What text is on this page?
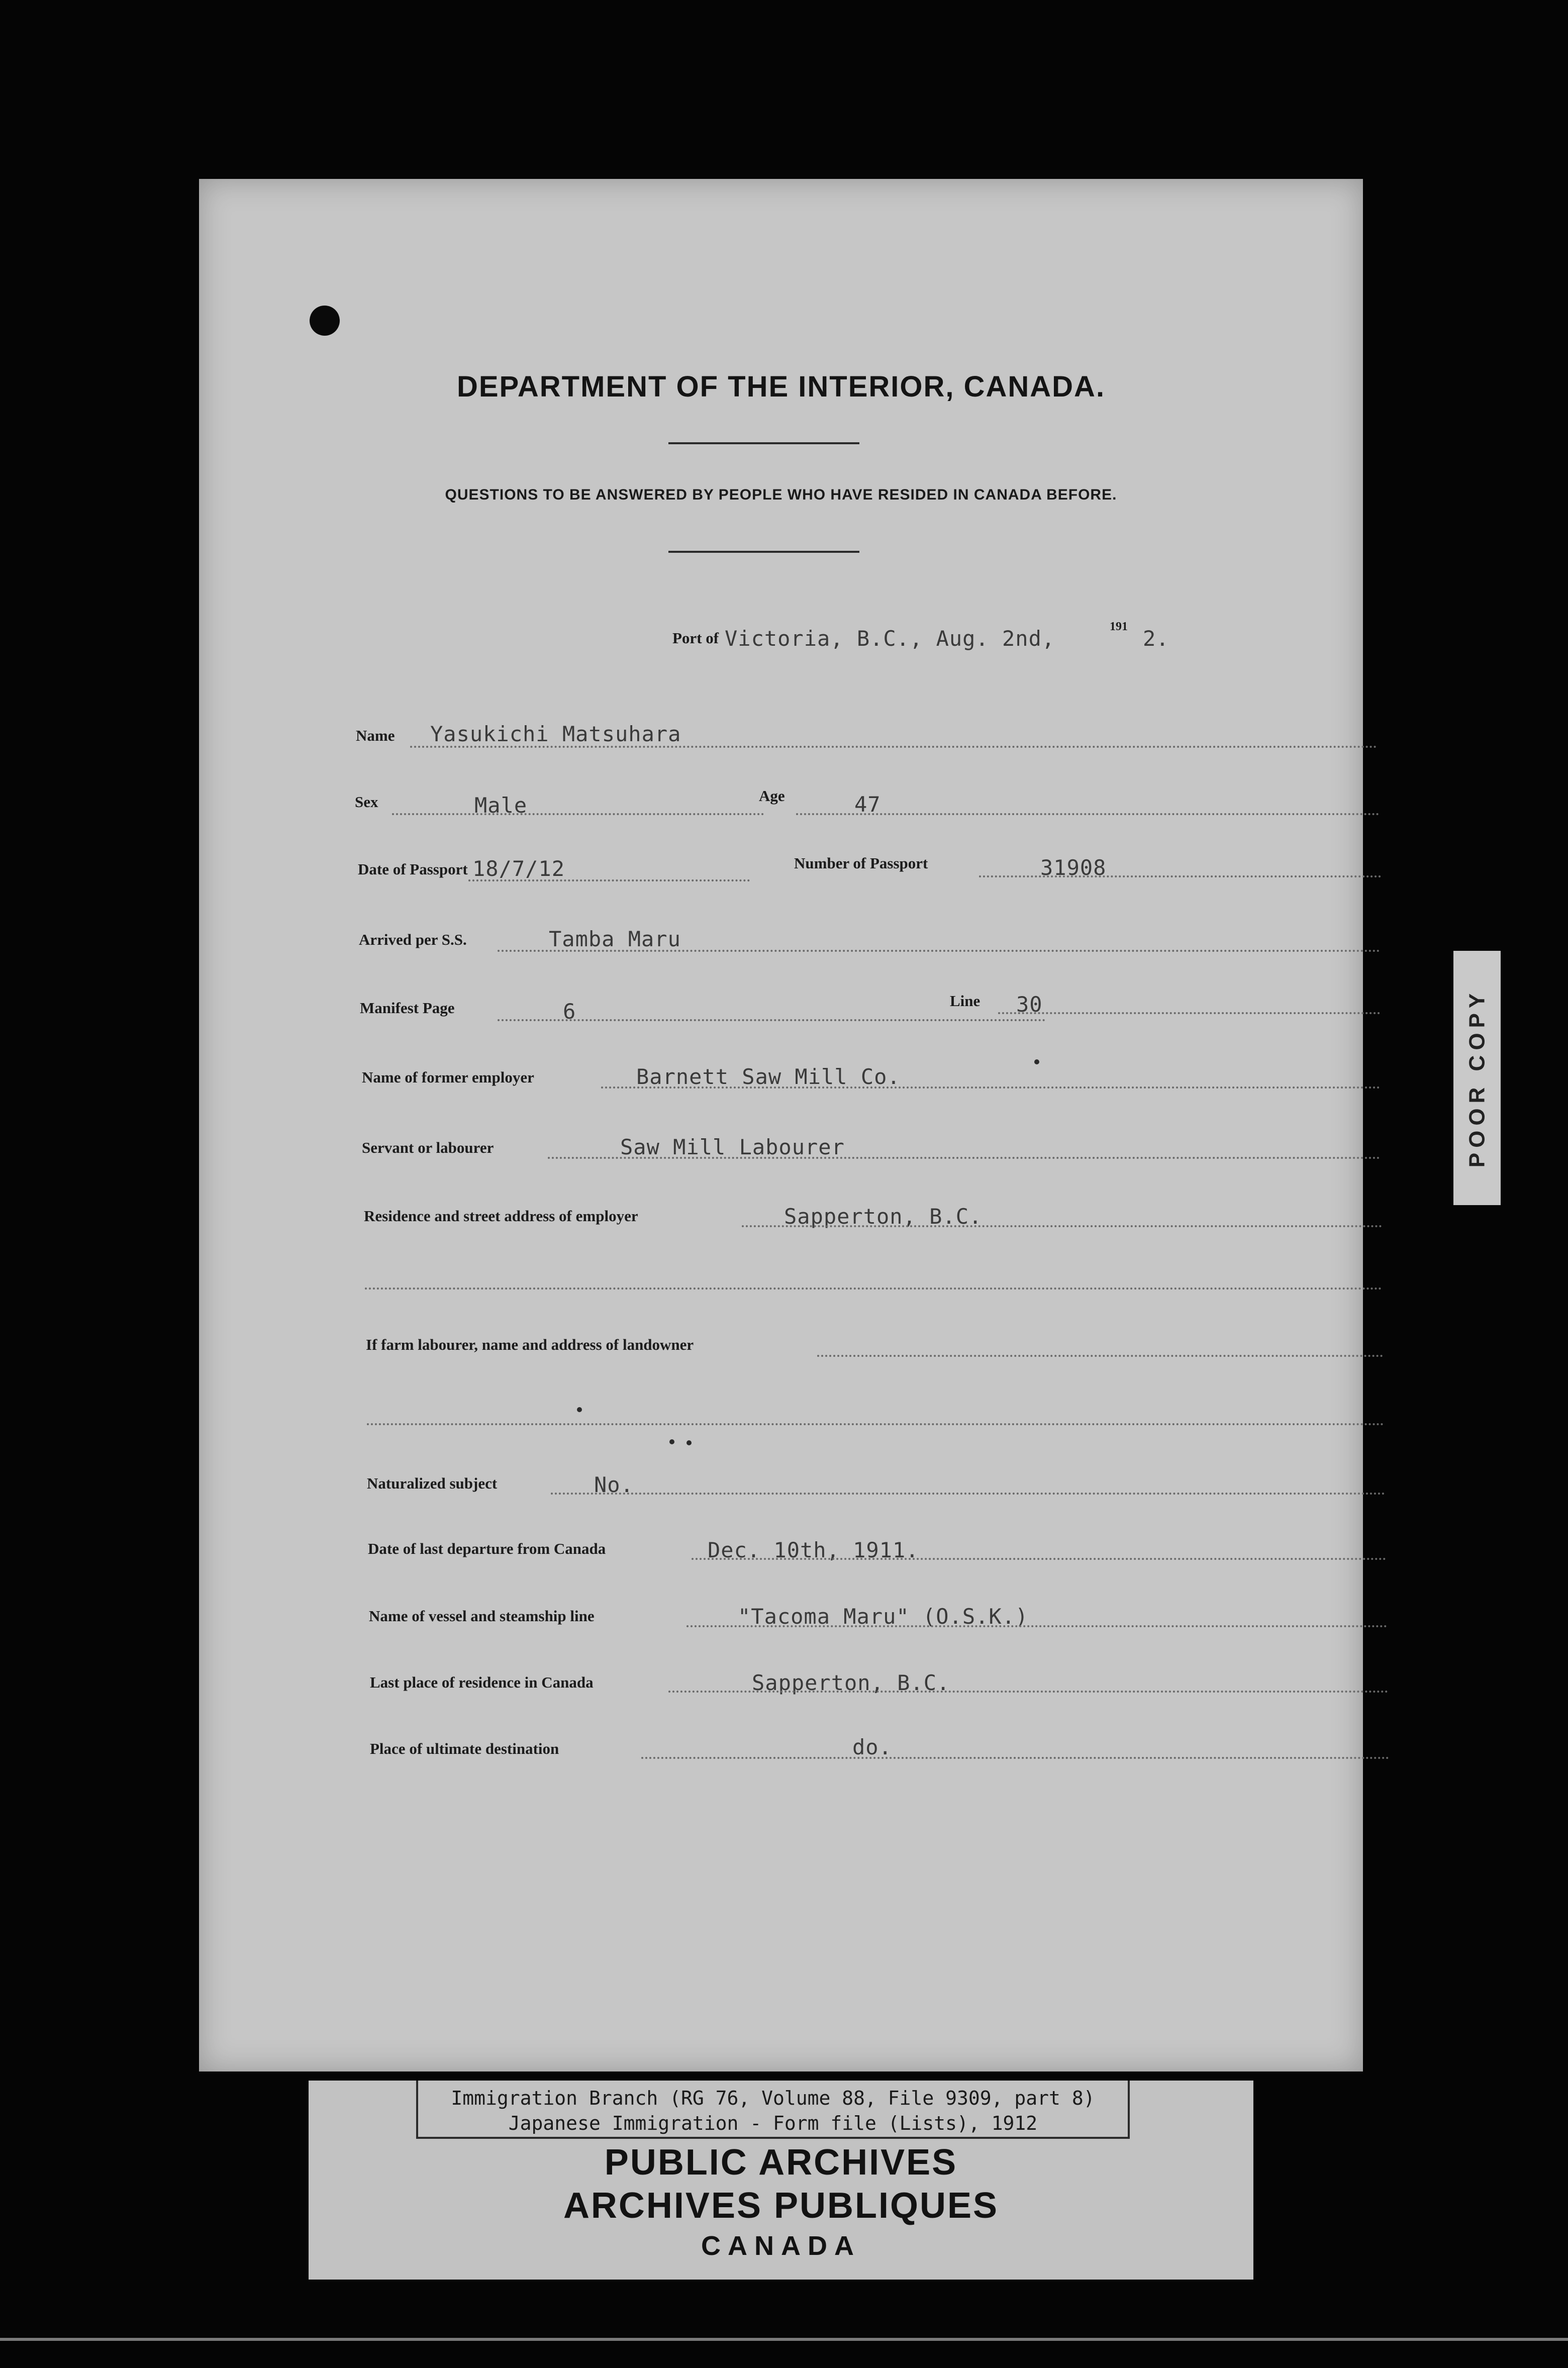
DEPARTMENT OF THE INTERIOR, CANADA.
QUESTIONS TO BE ANSWERED BY PEOPLE WHO HAVE RESIDED IN CANADA BEFORE.
Port of Victoria, B.C., Aug. 2nd,	191 2.
Name Yasukichi Matsuhara
Sex	Male	Age	47
Date of Passport 18/7/12	Number of Passport	31908
Arrived per S.S.	Tamba Maru
Manifest Page	6	Line 30
Name of former employer	Barnett Saw Mill Co.
Servant or labourer	Saw Mill Labourer
Residence and street address of employer	Sapperton, B.C.
If farm labourer, name and address of landowner
Naturalized subject	No.
Date of last departure from Canada	Dec. 10th, 1911.
Name of vessel and steamship line	"Tacoma Maru" (O.S.K.)
Last place of residence in Canada	Sapperton, B.C.
Place of ultimate destination	do.
POOR COPY
Immigration Branch (RG 76, Volume 88, File 9309, part 8)
Japanese Immigration - Form file (Lists), 1912
PUBLIC ARCHIVES
ARCHIVES PUBLIQUES
CANADA
